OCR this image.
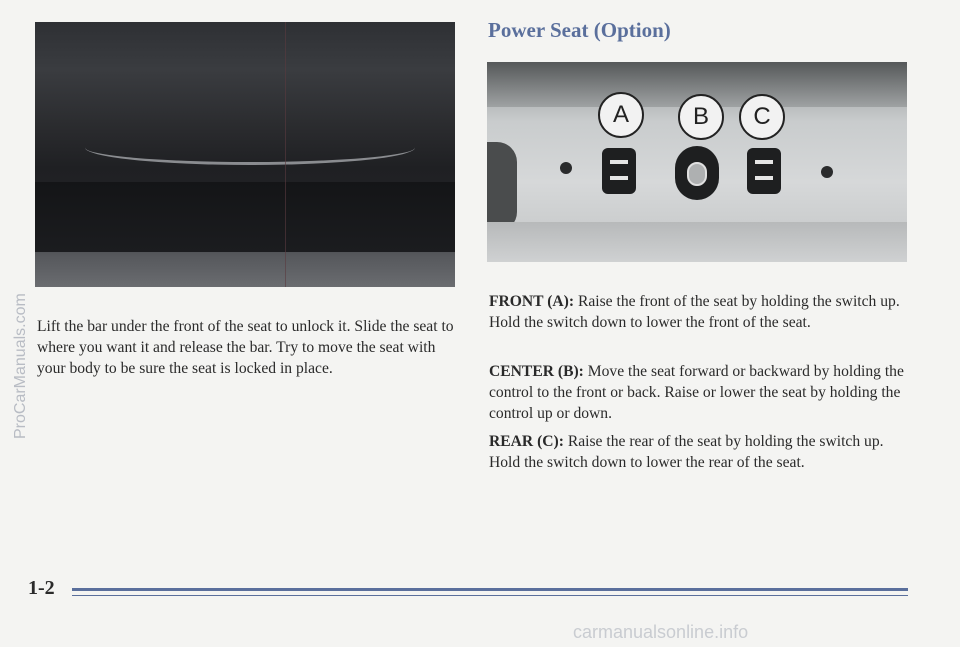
Lift the bar under the front of the seat to unlock it. Slide the seat to where you want it and release the bar. Try to move the seat with your body to be sure the seat is locked in place.
Power Seat (Option)
A	B	C
FRONT (A): Raise the front of the seat by holding the switch up. Hold the switch down to lower the front of the seat.
CENTER (B): Move the seat forward or backward by holding the control to the front or back. Raise or lower the seat by holding the control up or down.
REAR (C): Raise the rear of the seat by holding the switch up. Hold the switch down to lower the rear of the seat.
1-2
ProCarManuals.com
carmanualsonline.info
